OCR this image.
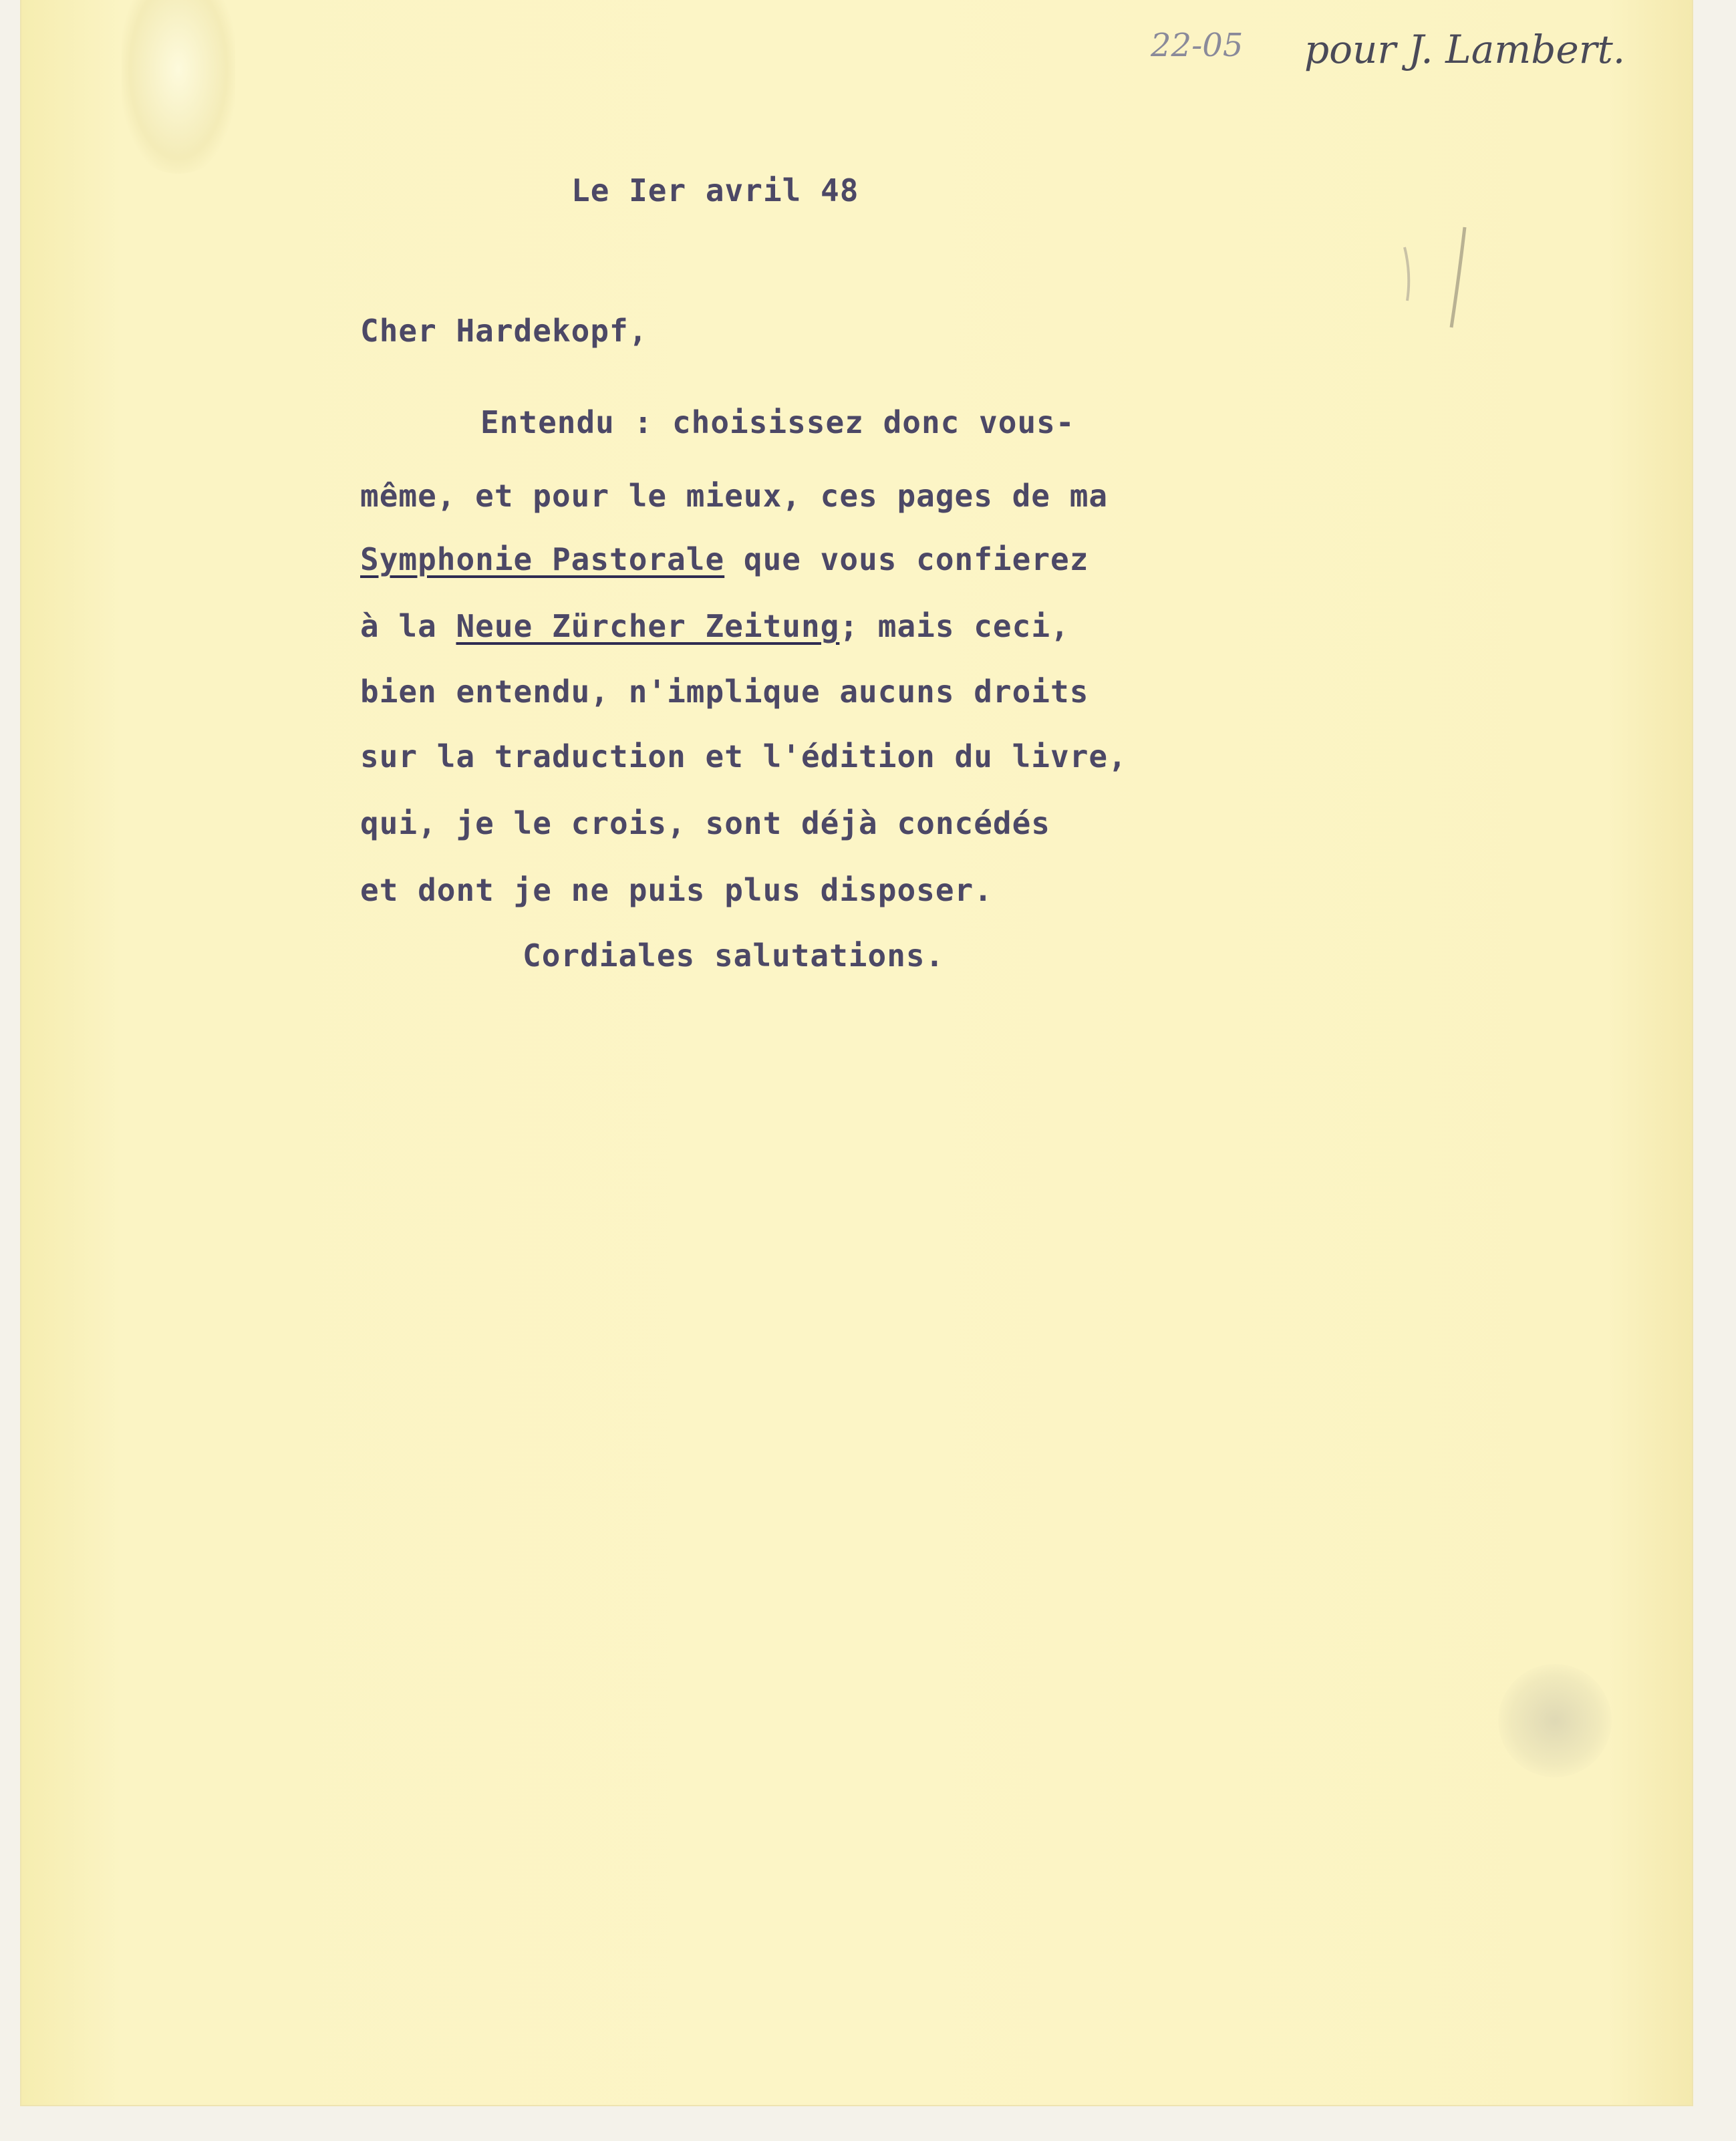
22-05 pour J. Lambert.

Le Ier avril 48

Cher Hardekopf,

Entendu : choisissez donc vous-

même, et pour le mieux, ces pages de ma

Symphonie Pastorale que vous confierez

à la Neue Zürcher Zeitung; mais ceci,

bien entendu, n'implique aucuns droits

sur la traduction et l'édition du livre,

qui, je le crois, sont déjà concédés

et dont je ne puis plus disposer.

Cordiales salutations.
